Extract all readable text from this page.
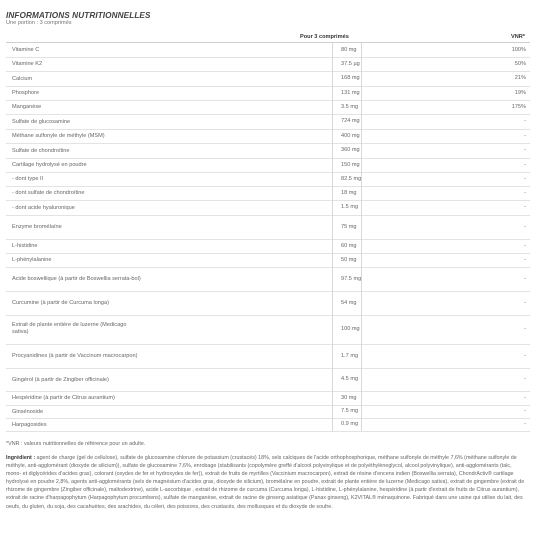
INFORMATIONS NUTRITIONNELLES
Une portion : 3 comprimés
Pour 3 comprimés	VNR*
Vitamine C	80 mg	100%
Vitamine K2	37.5 µg	50%
Calcium	168 mg	21%
Phosphore	131 mg	19%
Manganèse	3.5 mg	175%
Sulfate de glucosamine	724 mg	-
Méthane sulfonyle de méthyle (MSM)	400 mg	-
Sulfate de chondroïtine	360 mg	-
Cartilage hydrolysé en poudre	150 mg	-
- dont type II	82.5 mg	-
- dont sulfate de chondroïtine	18 mg	-
- dont acide hyaluronique	1.5 mg	-
Enzyme bromélaïne	75 mg	-
L-histidine	60 mg	-
L-phénylalanine	50 mg	-
Acide boswellique (à partir de Boswellia serrata-bol)	97.5 mg	-
Curcumine (à partir de Curcuma longa)	54 mg	-
Extrait de plante entière de luzerne (Medicago
sativa)	100 mg	-
Procyanidines (à partir de Vaccinum macrocarpon)	1.7 mg	-
Gingérol (à partir de Zingiber officinale)	4.5 mg	-
Hespéridine (à partir de Citrus aurantium)	30 mg	-
Ginsénoside	7.5 mg	-
Harpagosides	0.9 mg	-
*VNR : valeurs nutritionnelles de référence pour un adulte.
Ingrédient : agent de charge (gel de cellulose), sulfate de glucosamine chlorure de potassium (crustacés) 18%, sels calciques de l'acide orthophosphorique, méthane sulfonyle de méthyle 7,6% (méthane sulfonyle de méthyle, anti-agglomérant (dioxyde de silicium)), sulfate de glucosamine 7,6%, enrobage (stabilisants (copolymère greffé d'alcool polyvinylique et de polyéthylèneglycol, alcool polyvinylique), anti-agglomérants (talc, mono- et diglycérides d'acides gras), colorant (oxydes de fer et hydroxydes de fer)), extrait de fruits de myrtilles (Vaccinium macrocarpon), extrait de résine d'encens indien (Boswellia serrata), ChondrActiv® cartilage hydrolysé en poudre 2,8%, agents anti-agglomérants (sels de magnésium d'acides gras, dioxyde de silicium), bromélaïne en poudre, extrait de plante entière de luzerne (Medicago sativa), extrait de gingembre (extrait de rhizome de gingembre (Zingiber officinale), maltodextrine), acide L-ascorbique , extrait de rhizome de curcuma (Curcuma longa), L-histidine, L-phénylalanine, hespéridine (à partir d'extrait de fruits de Citrus aurantium), extrait de racine d'harpagophytum (Harpagophytum procumbens), sulfate de manganèse, extrait de racine de ginseng asiatique (Panax ginseng), K2VITAL® ménaquinone. Fabriqué dans une usine qui utilise du lait, des oeufs, du gluten, du soja, des cacahuètes, des arachides, du céleri, des poissons, des crustacés, des mollusques et du dioxyde de soufre.
